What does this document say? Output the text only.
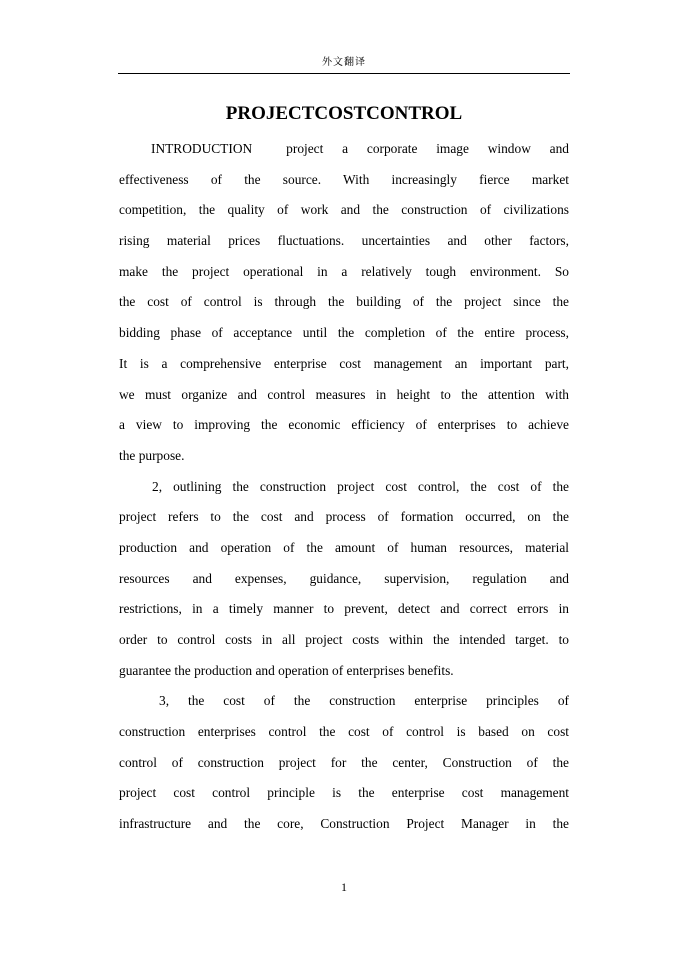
外文翻译
PROJECTCOSTCONTROL
INTRODUCTION	project a corporate image window and
effectiveness of the source. With increasingly fierce market
competition, the quality of work and the construction of civilizations
rising material prices fluctuations. uncertainties and other factors,
make the project operational in a relatively tough environment. So
the cost of control is through the building of the project since the
bidding phase of acceptance until the completion of the entire process,
It is a comprehensive enterprise cost management an important part,
we must organize and control measures in height to the attention with
a view to improving the economic efficiency of enterprises to achieve
the purpose.
2, outlining the construction project cost control, the cost of the
project refers to the cost and process of formation occurred, on the
production and operation of the amount of human resources, material
resources and expenses, guidance, supervision, regulation and
restrictions, in a timely manner to prevent, detect and correct errors in
order to control costs in all project costs within the intended target. to
guarantee the production and operation of enterprises benefits.
3, the cost of the construction enterprise principles of
construction enterprises control the cost of control is based on cost
control of construction project for the center, Construction of the
project cost control principle is the enterprise cost management
infrastructure and the core, Construction Project Manager in the
1
